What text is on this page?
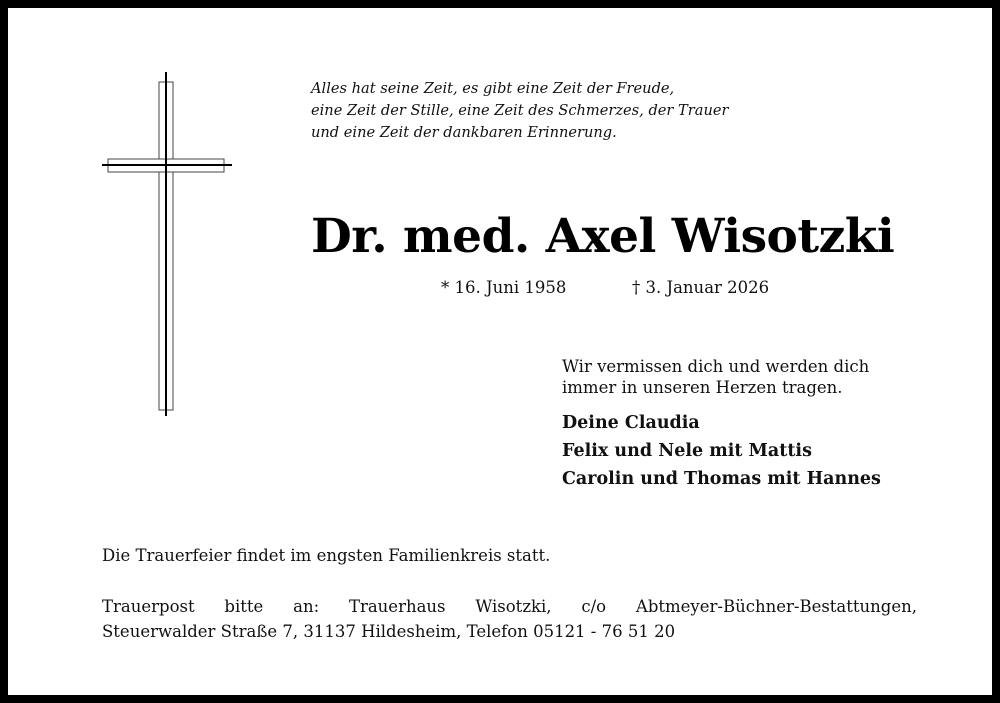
Alles hat seine Zeit, es gibt eine Zeit der Freude,
eine Zeit der Stille, eine Zeit des Schmerzes, der Trauer
und eine Zeit der dankbaren Erinnerung.
Dr. med. Axel Wisotzki
* 16. Juni 1958	† 3. Januar 2026
Wir vermissen dich und werden dich
immer in unseren Herzen tragen.
Deine Claudia
Felix und Nele mit Mattis
Carolin und Thomas mit Hannes
Die Trauerfeier findet im engsten Familienkreis statt.
Trauerpost bitte an: Trauerhaus Wisotzki, c/o Abtmeyer-Büchner-Bestattungen,
Steuerwalder Straße 7, 31137 Hildesheim, Telefon 05121 - 76 51 20
